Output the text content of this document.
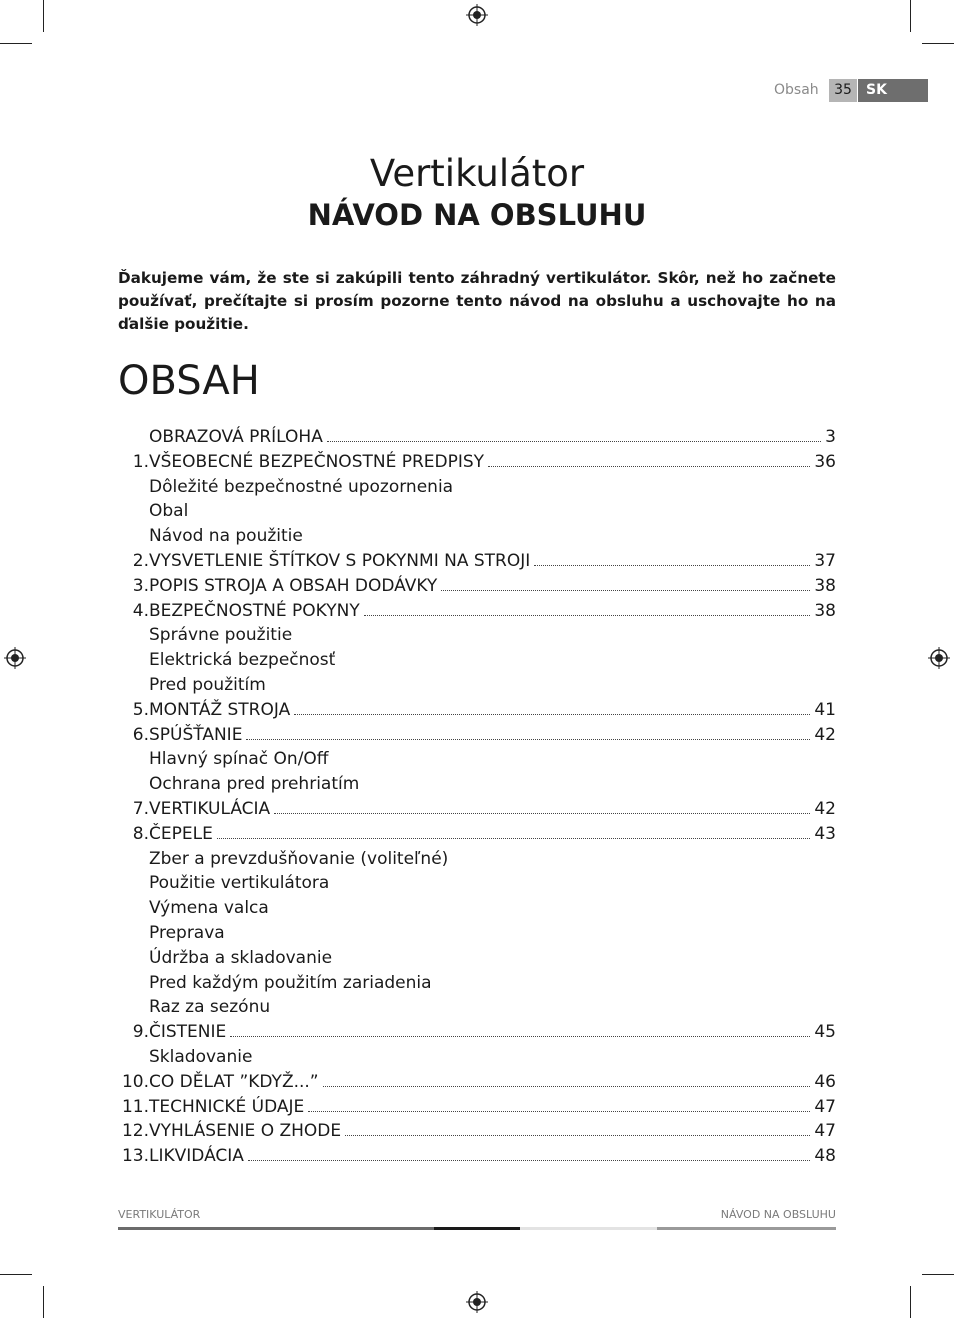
Obsah	35	SK
Vertikulátor
NÁVOD NA OBSLUHU
Ďakujeme vám, že ste si zakúpili tento záhradný vertikulátor. Skôr, než ho začnete používať, prečítajte si prosím pozorne tento návod na obsluhu a uschovajte ho na ďalšie použitie.
OBSAH
OBRAZOVÁ PRÍLOHA	3
1. VŠEOBECNÉ BEZPEČNOSTNÉ PREDPISY	36
Dôležité bezpečnostné upozornenia
Obal
Návod na použitie
2. VYSVETLENIE ŠTÍTKOV S POKYNMI NA STROJI	37
3. POPIS STROJA A OBSAH DODÁVKY	38
4. BEZPEČNOSTNÉ POKYNY	38
Správne použitie
Elektrická bezpečnosť
Pred použitím
5. MONTÁŽ STROJA	41
6. SPÚŠŤANIE	42
Hlavný spínač On/Off
Ochrana pred prehriatím
7. VERTIKULÁCIA	42
8. ČEPELE	43
Zber a prevzdušňovanie (voliteľné)
Použitie vertikulátora
Výmena valca
Preprava
Údržba a skladovanie
Pred každým použitím zariadenia
Raz za sezónu
9. ČISTENIE	45
Skladovanie
10. CO DĚLAT ”KDYŽ...”	46
11. TECHNICKÉ ÚDAJE	47
12. VYHLÁSENIE O ZHODE	47
13. LIKVIDÁCIA	48
VERTIKULÁTOR	NÁVOD NA OBSLUHU
